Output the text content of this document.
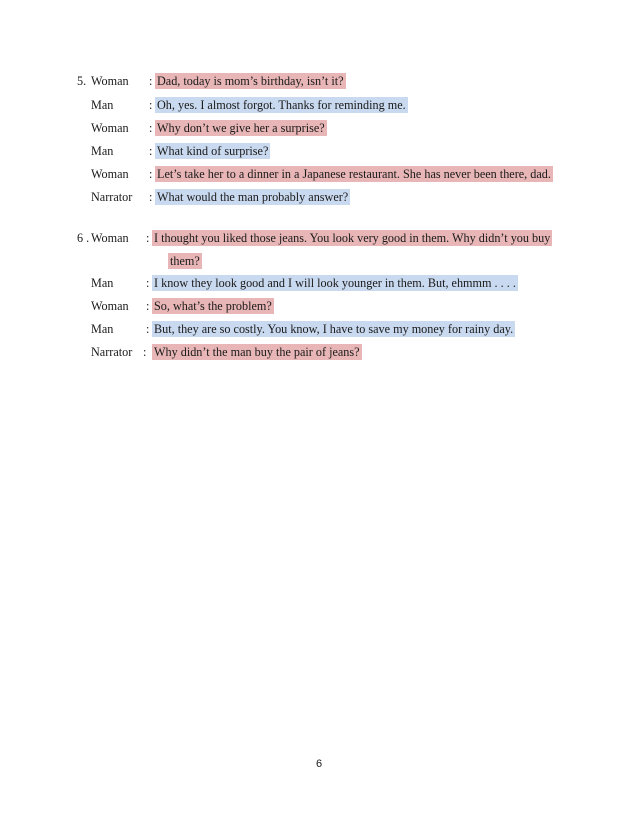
5. Woman : Dad, today is mom’s birthday, isn’t it?
Man	: Oh, yes. I almost forgot. Thanks for reminding me.
Woman : Why don’t we give her a surprise?
Man	: What kind of surprise?
Woman : Let’s take her to a dinner in a Japanese restaurant. She has never been there, dad.
Narrator : What would the man probably answer?
6 . Woman : I thought you liked those jeans. You look very good in them. Why didn’t you buy
them?
Man	: I know they look good and I will look younger in them. But, ehmmm . . . .
Woman : So, what’s the problem?
Man	: But, they are so costly. You know, I have to save my money for rainy day.
Narrator : Why didn’t the man buy the pair of jeans?
6
